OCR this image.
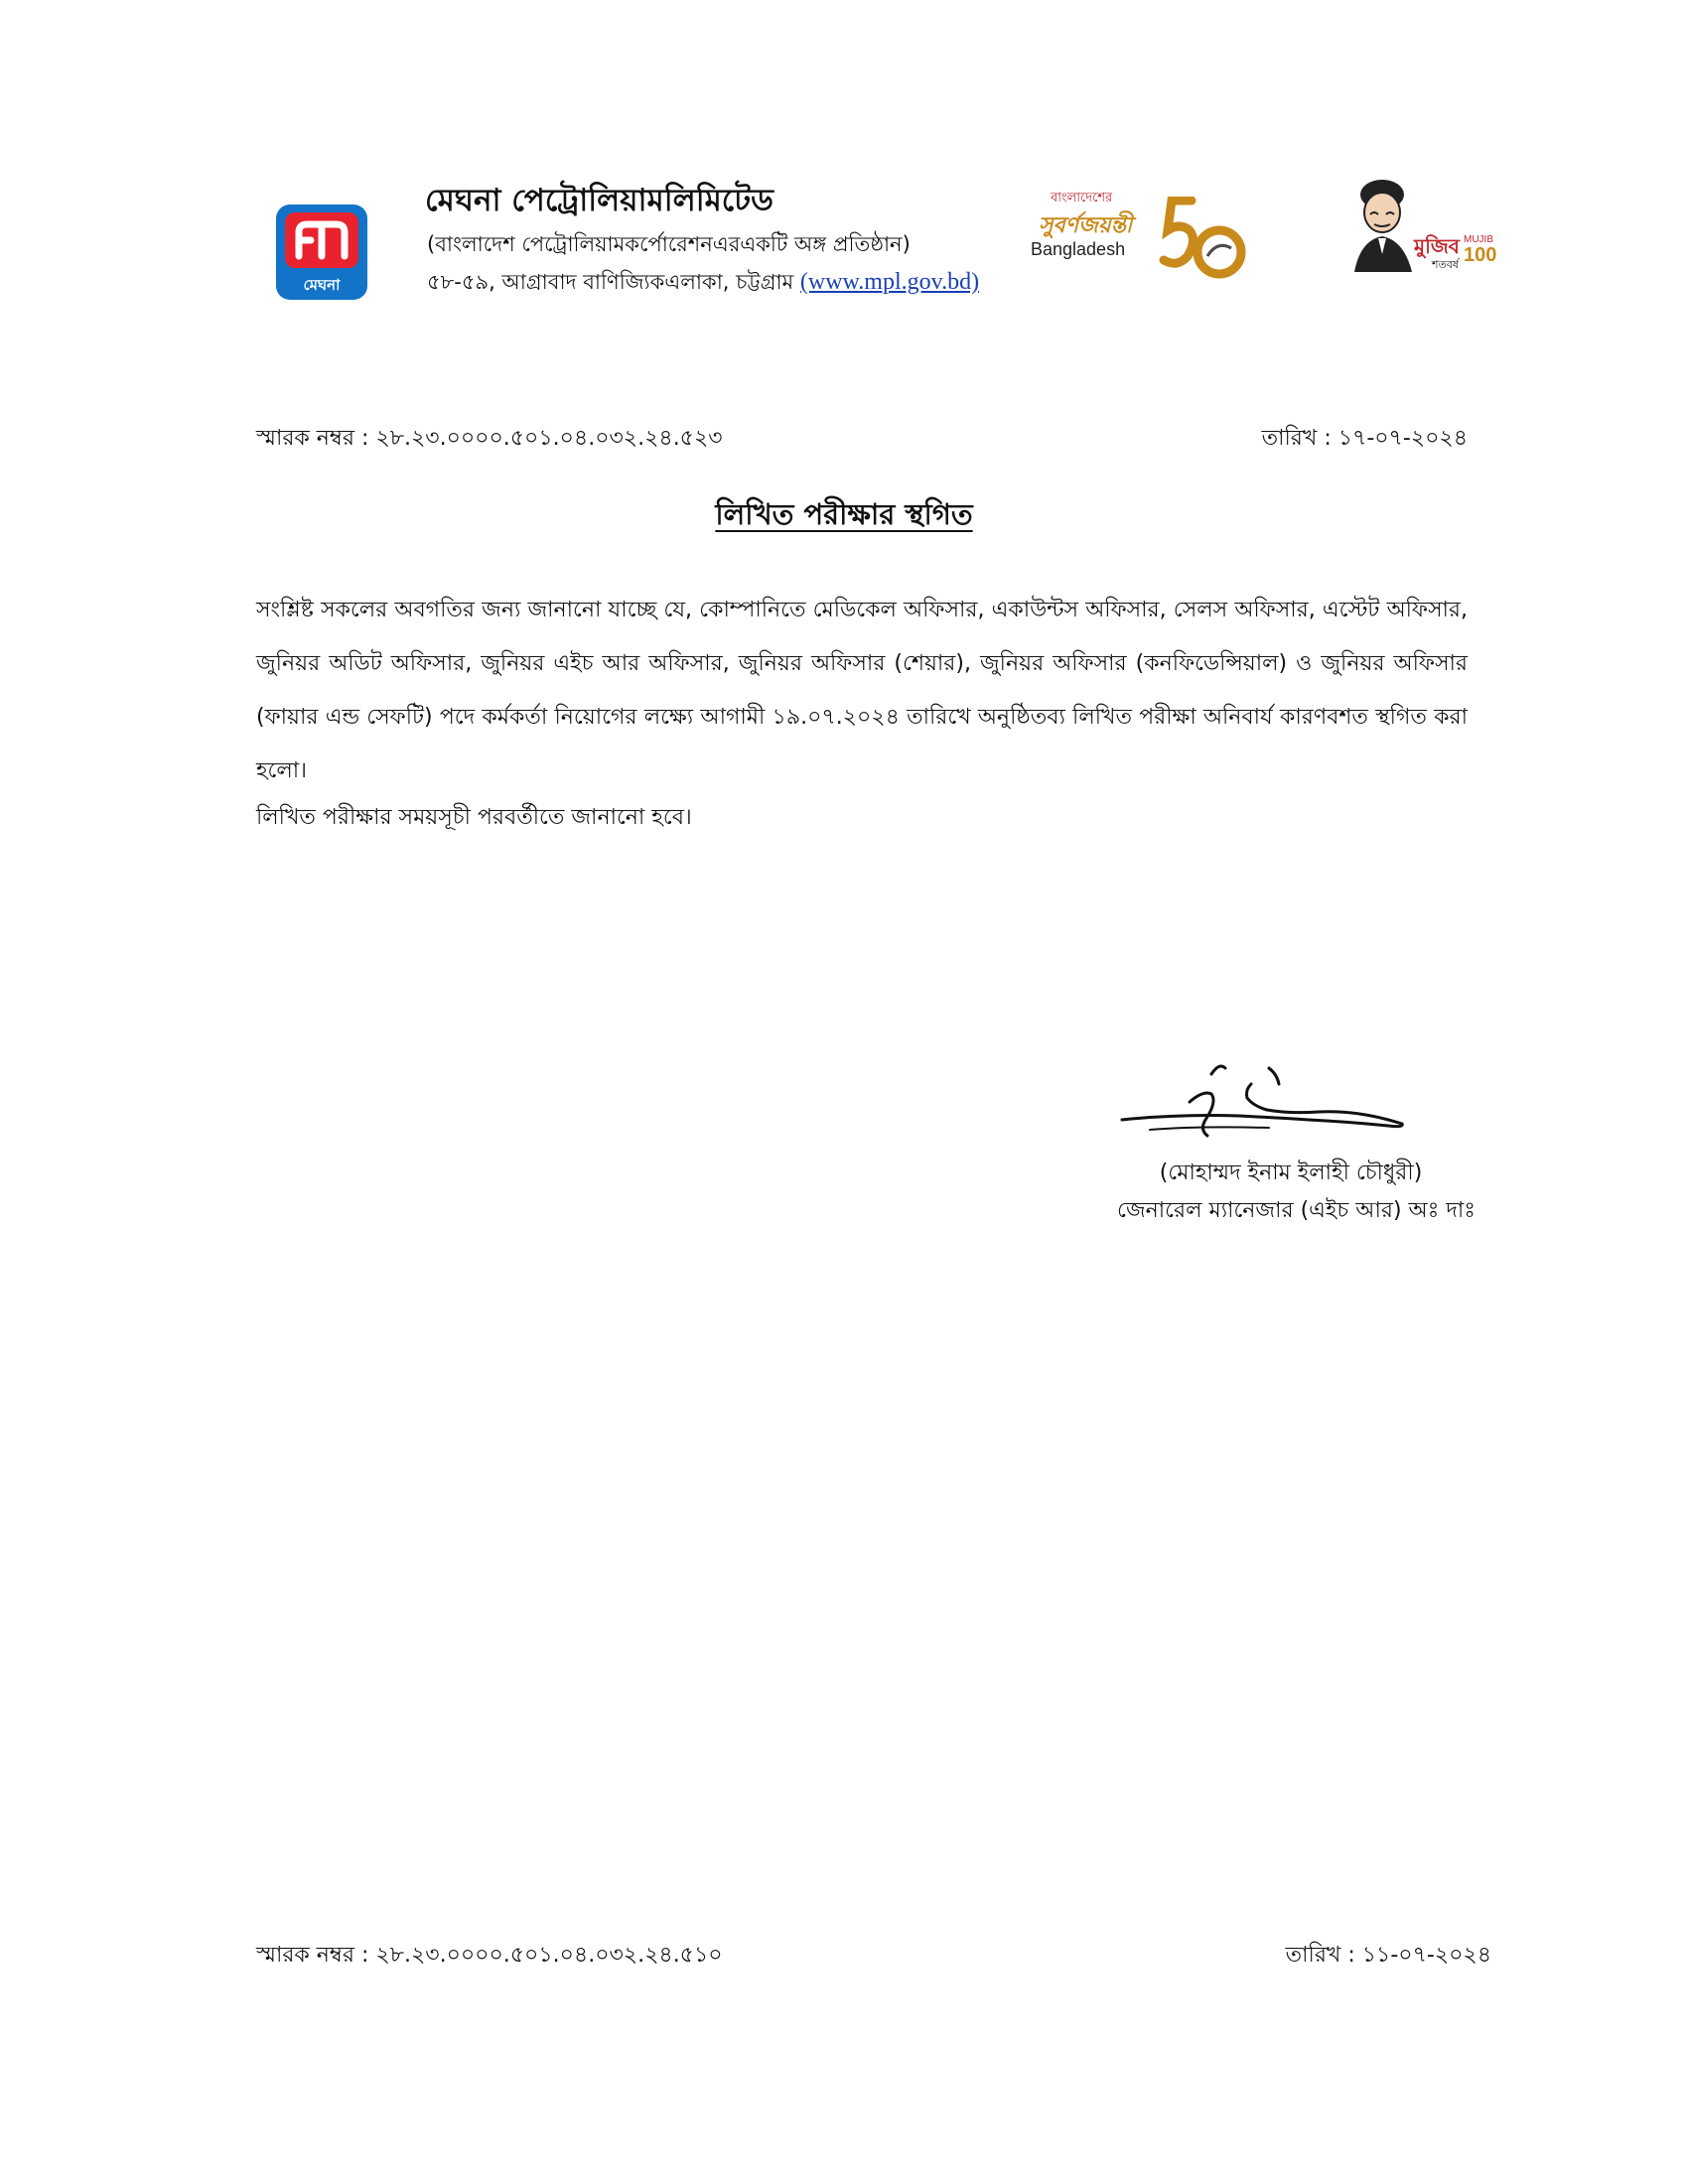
মেঘনা
মেঘনা পেট্রোলিয়ামলিমিটেড
(বাংলাদেশ পেট্রোলিয়ামকর্পোরেশনএরএকটি অঙ্গ প্রতিষ্ঠান)
৫৮-৫৯, আগ্রাবাদ বাণিজ্যিকএলাকা, চট্টগ্রাম (www.mpl.gov.bd)
বাংলাদেশের
সুবর্ণজয়ন্তী
Bangladesh	মুজিব
শতবর্ষ
MUJIB
100
স্মারক নম্বর : ২৮.২৩.০০০০.৫০১.০৪.০৩২.২৪.৫২৩	তারিখ : ১৭-০৭-২০২৪
লিখিত পরীক্ষার স্থগিত
সংশ্লিষ্ট সকলের অবগতির জন্য জানানো যাচ্ছে যে, কোম্পানিতে মেডিকেল অফিসার, একাউন্টস অফিসার, সেলস অফিসার, এস্টেট অফিসার, জুনিয়র অডিট অফিসার, জুনিয়র এইচ আর অফিসার, জুনিয়র অফিসার (শেয়ার), জুনিয়র অফিসার (কনফিডেন্সিয়াল) ও জুনিয়র অফিসার (ফায়ার এন্ড সেফটি) পদে কর্মকর্তা নিয়োগের লক্ষ্যে আগামী ১৯.০৭.২০২৪ তারিখে অনুষ্ঠিতব্য লিখিত পরীক্ষা অনিবার্য কারণবশত স্থগিত করা হলো।
লিখিত পরীক্ষার সময়সূচী পরবর্তীতে জানানো হবে।
(মোহাম্মদ ইনাম ইলাহী চৌধুরী)
জেনারেল ম্যানেজার (এইচ আর) অঃ দাঃ
স্মারক নম্বর : ২৮.২৩.০০০০.৫০১.০৪.০৩২.২৪.৫১০	তারিখ : ১১-০৭-২০২৪
